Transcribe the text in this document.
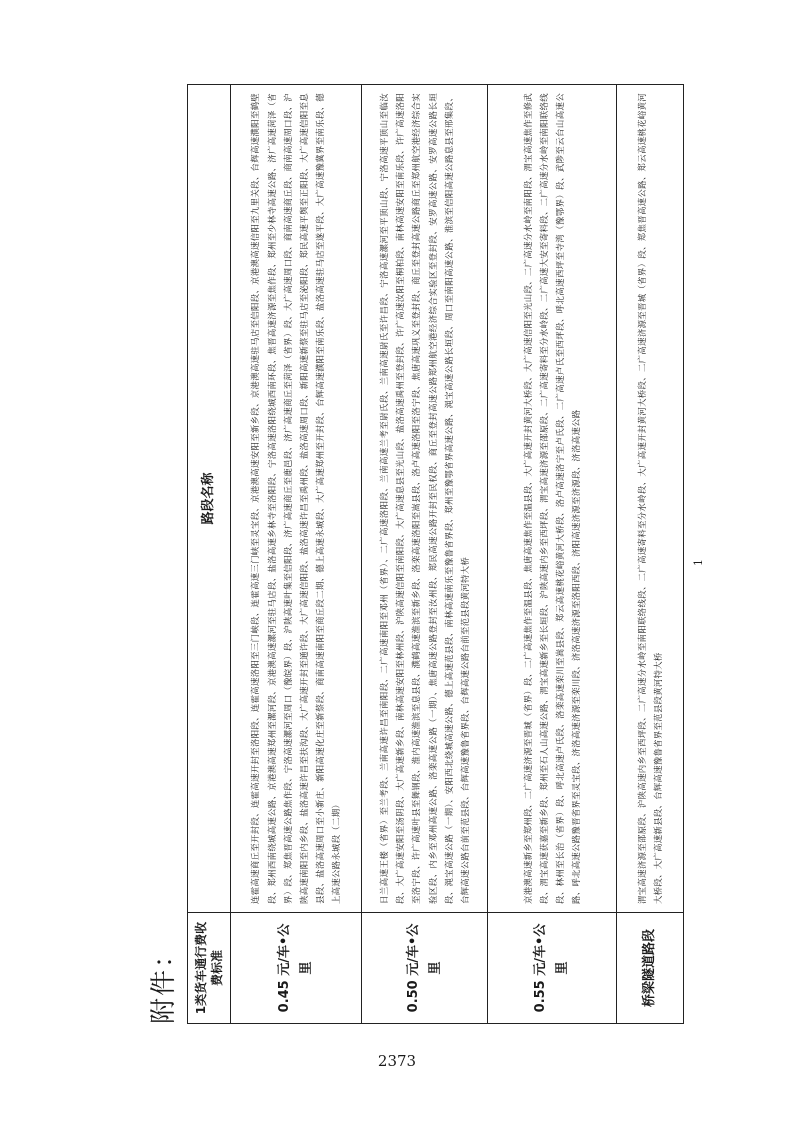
附件： 1类货车通行费收费标准	路段名称
0.45 元/车•公里	连霍高速商丘至开封段、连霍高速开封至洛阳段、连霍高速洛阳至三门峡段、连霍高速三门峡至灵宝段、京港澳高速安阳至新乡段、京港澳高速驻马店至信阳段、京港澳高速信阳至九里关段、台辉高速濮阳至鹤壁段、郑州西南绕城高速公路、京港澳高速郑州至漯河段、京港澳高速漯河至驻马店段、盐洛高速乡林寺至洛阳段、宁洛高速洛阳绕城西南环段、焦晋高速济源至焦作段、郑州至少林寺高速公路、济广高速菏泽（省界）段、郑焦晋高速公路焦作段、宁洛高速漯河至周口（豫皖界）段、沪陕高速叶集至信阳段、济广高速商丘至鹿邑段、济广高速商丘至菏泽（省界）段、大广高速周口段、商南高速商丘段、商南高速周口段、沪陕高速南阳至内乡段、盐洛高速许昌至扶沟段、大广高速开封至通许段、大广高速信阳段、盐洛高速许昌至禹州段、盐洛高速周口段、新阳高速新蔡至驻马店至泌阳段、郑民高速平舆至正阳段、大广高速信阳至息县段、盐洛高速周口至小新庄、新阳高速化庄至新蔡段、商南高速南阳至商丘段二期、德上高速永城段、大广高速郑州至开封段、台辉高速濮阳至南乐段、盐洛高速驻马店至遂平段、大广高速豫冀界至南乐段、德上高速公路永城段（二期）
0.50 元/车•公里	日兰高速王楼（省界）至兰考段、兰南高速许昌至南阳段、二广高速南阳至邓州（省界）、二广高速洛阳段、兰南高速兰考至尉氏段、兰南高速尉氏至许昌段、宁洛高速漯河至平顶山段、宁洛高速平顶山至临汝段、大广高速安阳至汤阴段、大广高速新乡段、南林高速安阳至林州段、沪陕高速信阳至南阳段、大广高速息县至光山段、盐洛高速禹州至登封段、许广高速汝阳至桐柏段、南林高速安阳至南乐段、许广高速洛阳至洛宁段、许广高速叶县至舞钢段、淮内高速淮滨至息县段、濮鹤高速淮滨至新乡段、洛栾高速洛阳至嵩县段、洛卢高速洛阳至洛宁段、焦唐高速巩义至登封段、商丘至登封高速公路商丘至郑州航空港经济综合实验区段、内乡至邓州高速公路、洛栾高速公路（一期）、焦唐高速公路登封至汝州段、郑民高速公路开封至民权段、商丘至登封高速公路郑州航空港经济综合实验区至登封段、安罗高速公路、安罗高速公路长垣段、渑宝高速公路（一期）、安阳西北绕城高速公路、德上高速范县段、南林高速南乐至豫鲁省界段、郑州至豫鄂省界高速公路、渑宝高速公路长垣段、周口至南阳高速公路、淮滨至信阳高速公路息县至邢集段、台辉高速公路台前至范县段、台辉高速豫鲁省界段、台辉高速公路台前至范县段黄河特大桥
0.55 元/车•公里	京港澳高速新乡至郑州段、二广高速济源至晋城（省界）段、二广高速焦作至温县段、焦唐高速焦作至温县段、大广高速开封黄河大桥段、大广高速信阳至光山段、二广高速分水岭至南阳段、渭宝高速焦作至修武段、渭宝高速获嘉至新乡段、郑州至石人山高速公路、渭宝高速新乡至长垣段、沪陕高速内乡至西坪段、渭宝高速济源至邵原段、二广高速寄料至分水岭段、二广高速大安至寄料段、二广高速分水岭至南阳联络线段、林州至长治（省界）段、呼北高速卢氏段、洛栾高速栾川至嵩县段、郑云高速桃花峪黄河大桥段、洛卢高速洛宁至卢氏段、二广高速卢氏至西坪段、呼北高速西坪至寺湾（豫鄂界）段、武陟至云台山高速公路、呼北高速公路豫晋省界至灵宝段、济洛高速济源至栾川段、济洛高速济源至洛阳西段、济阳高速济源至济源段、济洛高速公路
桥梁隧道路段	渭宝高速济源至邵原段、沪陕高速内乡至西坪段、二广高速分水岭至南阳联络线段、二广高速寄料至分水岭段、大广高速开封黄河大桥段、二广高速济源至晋城（省界）段、郑焦晋高速公路、郑云高速桃花峪黄河大桥段、大广高速新县段、台辉高速豫鲁省界至范县段黄河特大桥
1
2373
